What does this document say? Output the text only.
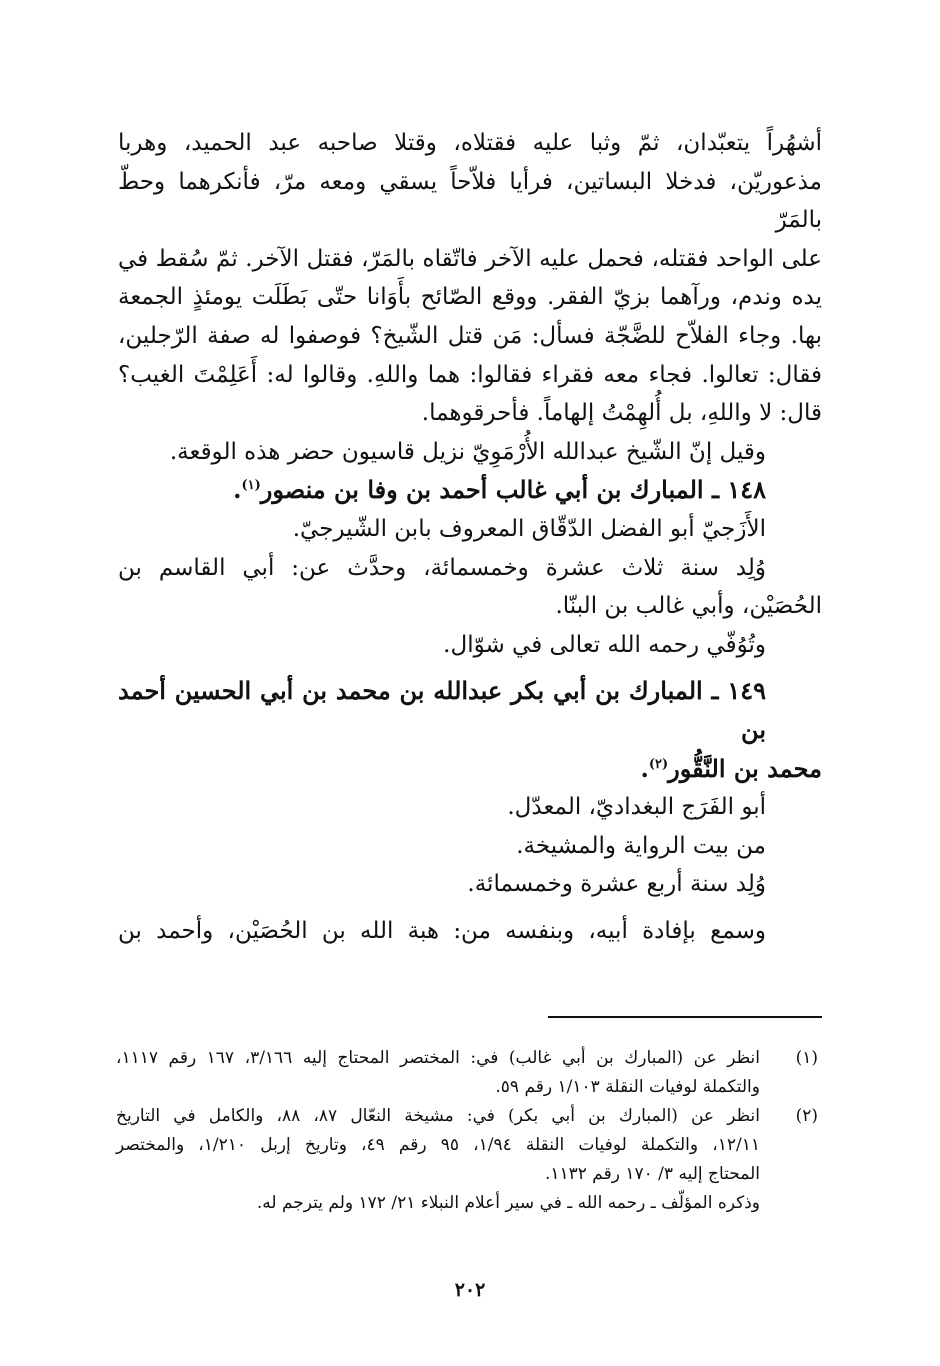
أشهُراً يتعبّدان، ثمّ وثبا عليه فقتلاه، وقتلا صاحبه عبد الحميد، وهربا

مذعوريّن، فدخلا البساتين، فرأيا فلاّحاً يسقي ومعه مرّ، فأنكرهما وحطّ بالمَرّ

على الواحد فقتله، فحمل عليه الآخر فاتّقاه بالمَرّ، فقتل الآخر. ثمّ سُقط في

يده وندم، ورآهما بزيّ الفقر. ووقع الصّائح بأَوَانا حتّى بَطَلَت يومئذٍ الجمعة

بها. وجاء الفلاّح للضَّجّة فسأل: مَن قتل الشّيخ؟ فوصفوا له صفة الرّجلين،

فقال: تعالوا. فجاء معه فقراء فقالوا: هما واللهِ. وقالوا له: أَعَلِمْتَ الغيب؟

قال: لا واللهِ، بل أُلهِمْتُ إلهاماً. فأحرقوهما.

وقيل إنّ الشّيخ عبدالله الأُرْمَوِيّ نزيل قاسيون حضر هذه الوقعة.

١٤٨ ـ المبارك بن أبي غالب أحمد بن وفا بن منصور$^{(١)}$.

الأَزَجيّ أبو الفضل الدّقّاق المعروف بابن الشّيرجيّ.

وُلِد سنة ثلاث عشرة وخمسمائة، وحدَّث عن: أبي القاسم بن

الحُصَيْن، وأبي غالب بن البنّا.

وتُوُفّي رحمه الله تعالى في شوّال.

١٤٩ ـ المبارك بن أبي بكر عبدالله بن محمد بن أبي الحسين أحمد بن

محمد بن النَّقُّور$^{(٢)}$.

أبو الفَرَج البغداديّ، المعدّل.

من بيت الرواية والمشيخة.

وُلِد سنة أربع عشرة وخمسمائة.

وسمع بإفادة أبيه، وبنفسه من: هبة الله بن الحُصَيْن، وأحمد بن

(١)

انظر عن (المبارك بن أبي غالب) في: المختصر المحتاج إليه ٣/١٦٦، ١٦٧ رقم ١١١٧،

والتكملة لوفيات النقلة ١/١٠٣ رقم ٥٩.

(٢)

انظر عن (المبارك بن أبي بكر) في: مشيخة النعّال ٨٧، ٨٨، والكامل في التاريخ

١٢/١١، والتكملة لوفيات النقلة ١/٩٤، ٩٥ رقم ٤٩، وتاريخ إربل ١/٢١٠، والمختصر

المحتاج إليه ٣/ ١٧٠ رقم ١١٣٢.

وذكره المؤلّف ـ رحمه الله ـ في سير أعلام النبلاء ٢١/ ١٧٢ ولم يترجم له.

٢٠٢
